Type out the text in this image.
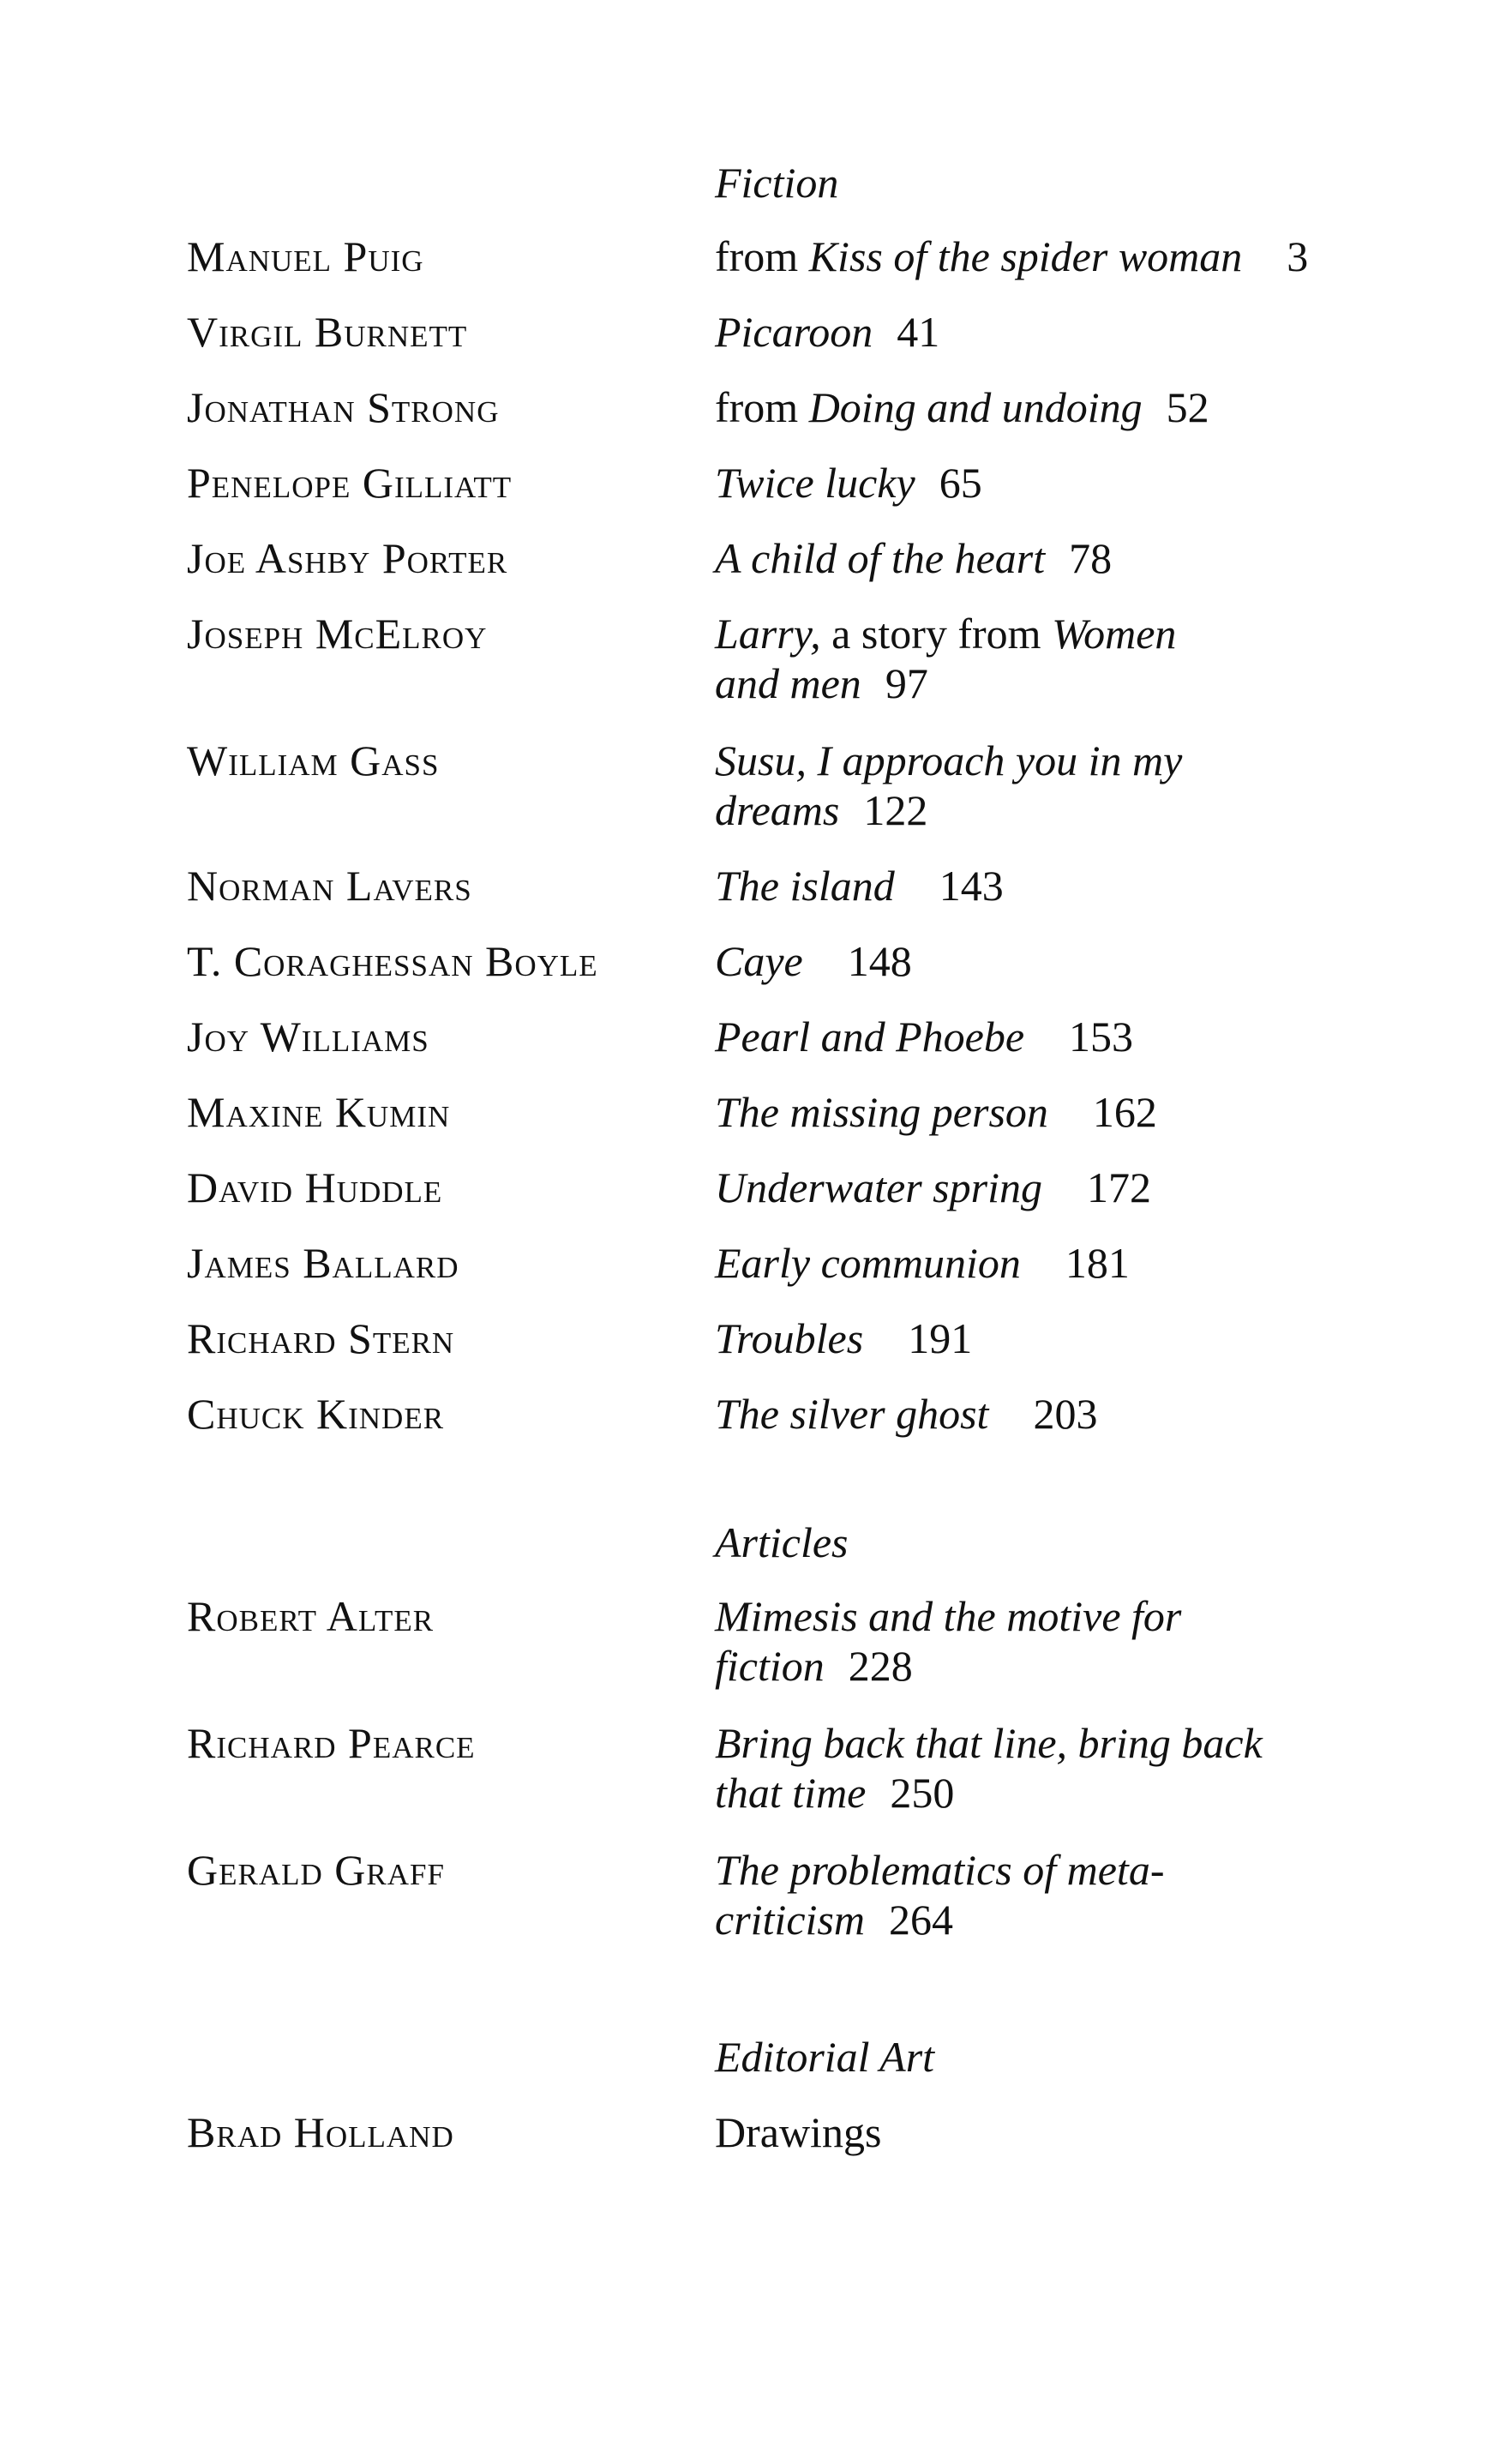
Fiction
Manuel Puig	from Kiss of the spider woman 3
Virgil Burnett	Picaroon 41
Jonathan Strong	from Doing and undoing 52
Penelope Gilliatt	Twice lucky 65
Joe Ashby Porter	A child of the heart 78
Joseph McElroy	Larry, a story from Women
and men 97
William Gass	Susu, I approach you in my
dreams 122
Norman Lavers	The island 143
T. Coraghessan Boyle	Caye 148
Joy Williams	Pearl and Phoebe 153
Maxine Kumin	The missing person 162
David Huddle	Underwater spring 172
James Ballard	Early communion 181
Richard Stern	Troubles 191
Chuck Kinder	The silver ghost 203
Articles
Robert Alter	Mimesis and the motive for
fiction 228
Richard Pearce	Bring back that line, bring back
that time 250
Gerald Graff	The problematics of meta-
criticism 264
Editorial Art
Brad Holland	Drawings
